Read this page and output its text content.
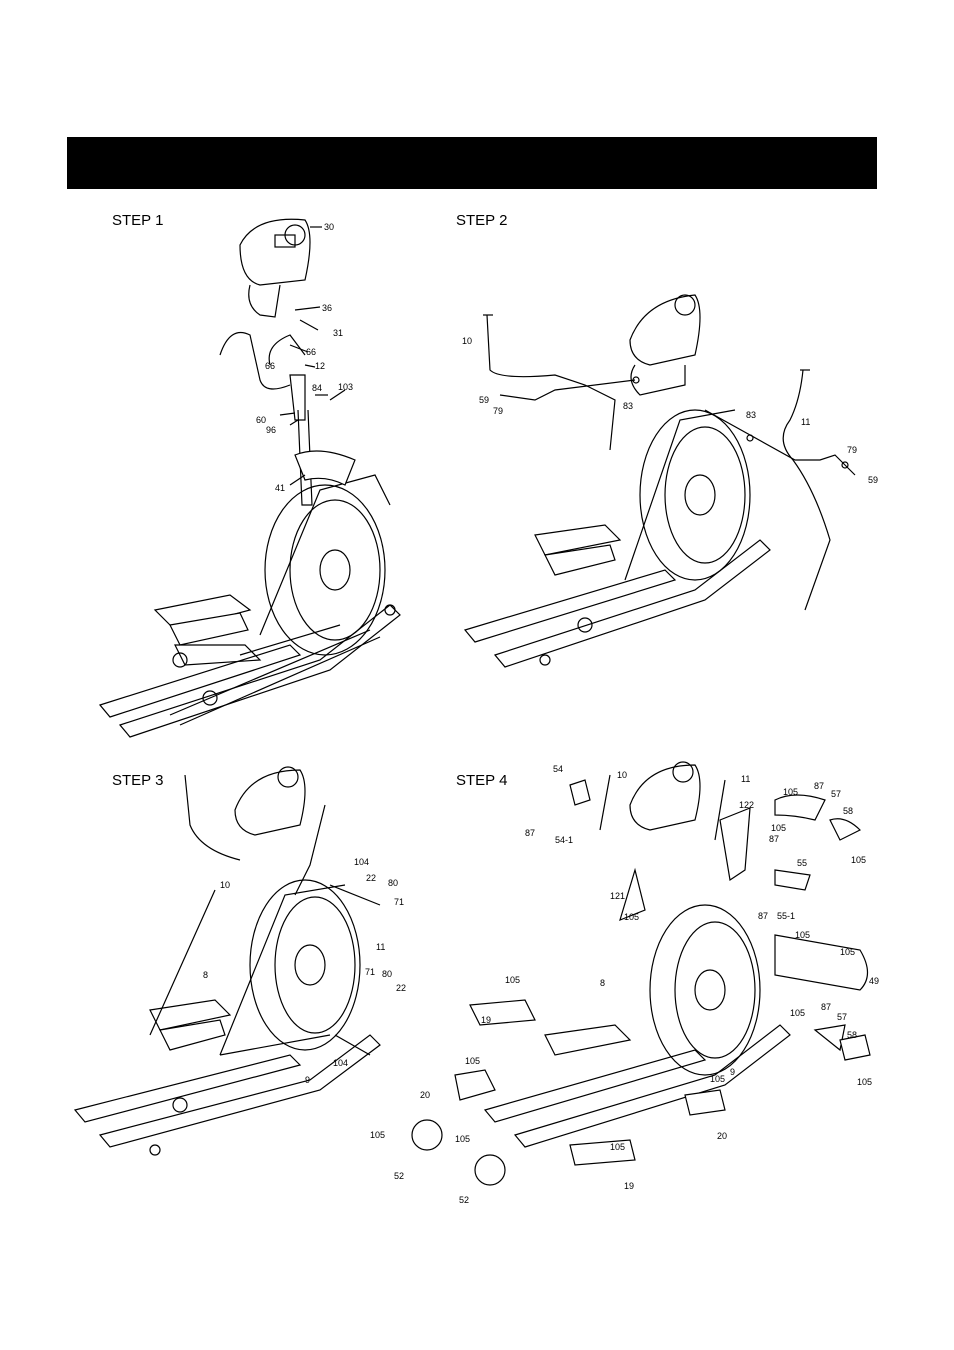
STEP 1	STEP 2
STEP 3	STEP 4
30
36
31
66
66	12
84 103
60
96
41
10
59
79	83
83
11
79
59
10
104
22 80
71
8
11
71 80
22
9
104
54
10	11
87
54-1
122
105
87
105
87
57
58
105
121
105
55
87 55-1
105
105
49
105
19
8
105
87
57
58
105
9
105
20
105	105
52
52
105
20
105
19
